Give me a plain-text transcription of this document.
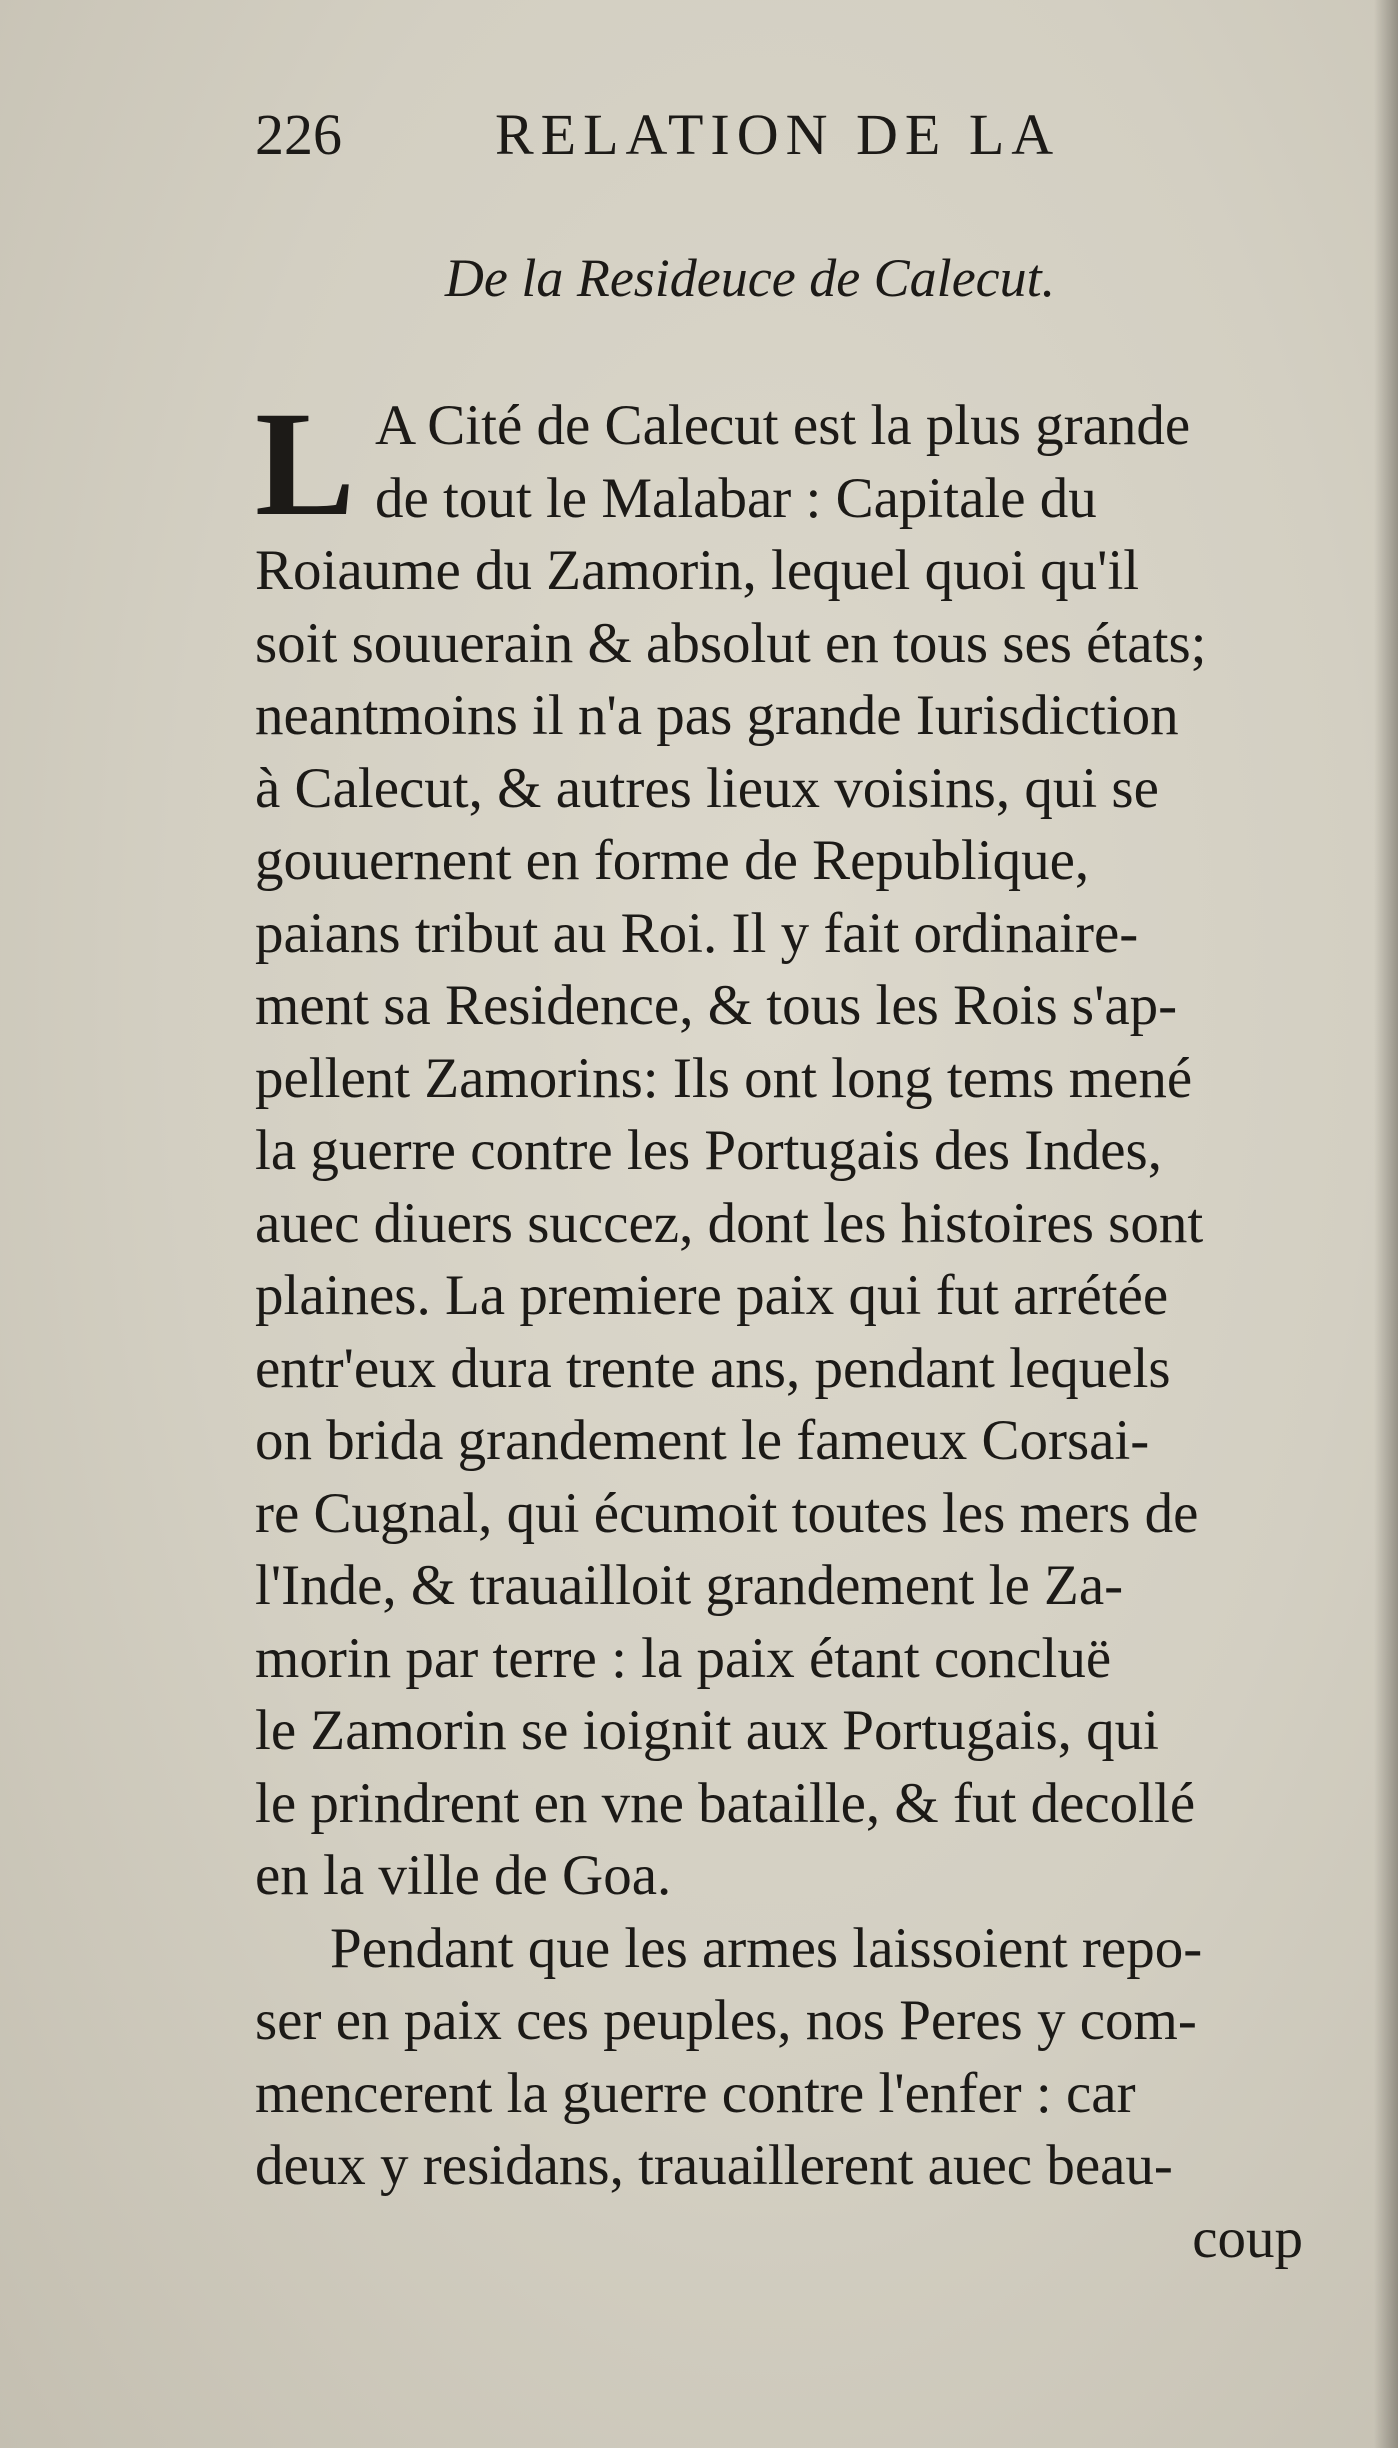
226	RELATION DE LA
De la Resideuce de Calecut.
L A Cité de Calecut est la plus grande
de tout le Malabar : Capitale du
Roiaume du Zamorin, lequel quoi qu'il
soit souuerain & absolut en tous ses états;
neantmoins il n'a pas grande Iurisdiction
à Calecut, & autres lieux voisins, qui se
gouuernent en forme de Republique,
paians tribut au Roi. Il y fait ordinaire-
ment sa Residence, & tous les Rois s'ap-
pellent Zamorins: Ils ont long tems mené
la guerre contre les Portugais des Indes,
auec diuers succez, dont les histoires sont
plaines. La premiere paix qui fut arrétée
entr'eux dura trente ans, pendant lequels
on brida grandement le fameux Corsai-
re Cugnal, qui écumoit toutes les mers de
l'Inde, & trauailloit grandement le Za-
morin par terre : la paix étant concluë
le Zamorin se ioignit aux Portugais, qui
le prindrent en vne bataille, & fut decollé
en la ville de Goa.
Pendant que les armes laissoient repo-
ser en paix ces peuples, nos Peres y com-
mencerent la guerre contre l'enfer : car
deux y residans, trauaillerent auec beau-
coup
